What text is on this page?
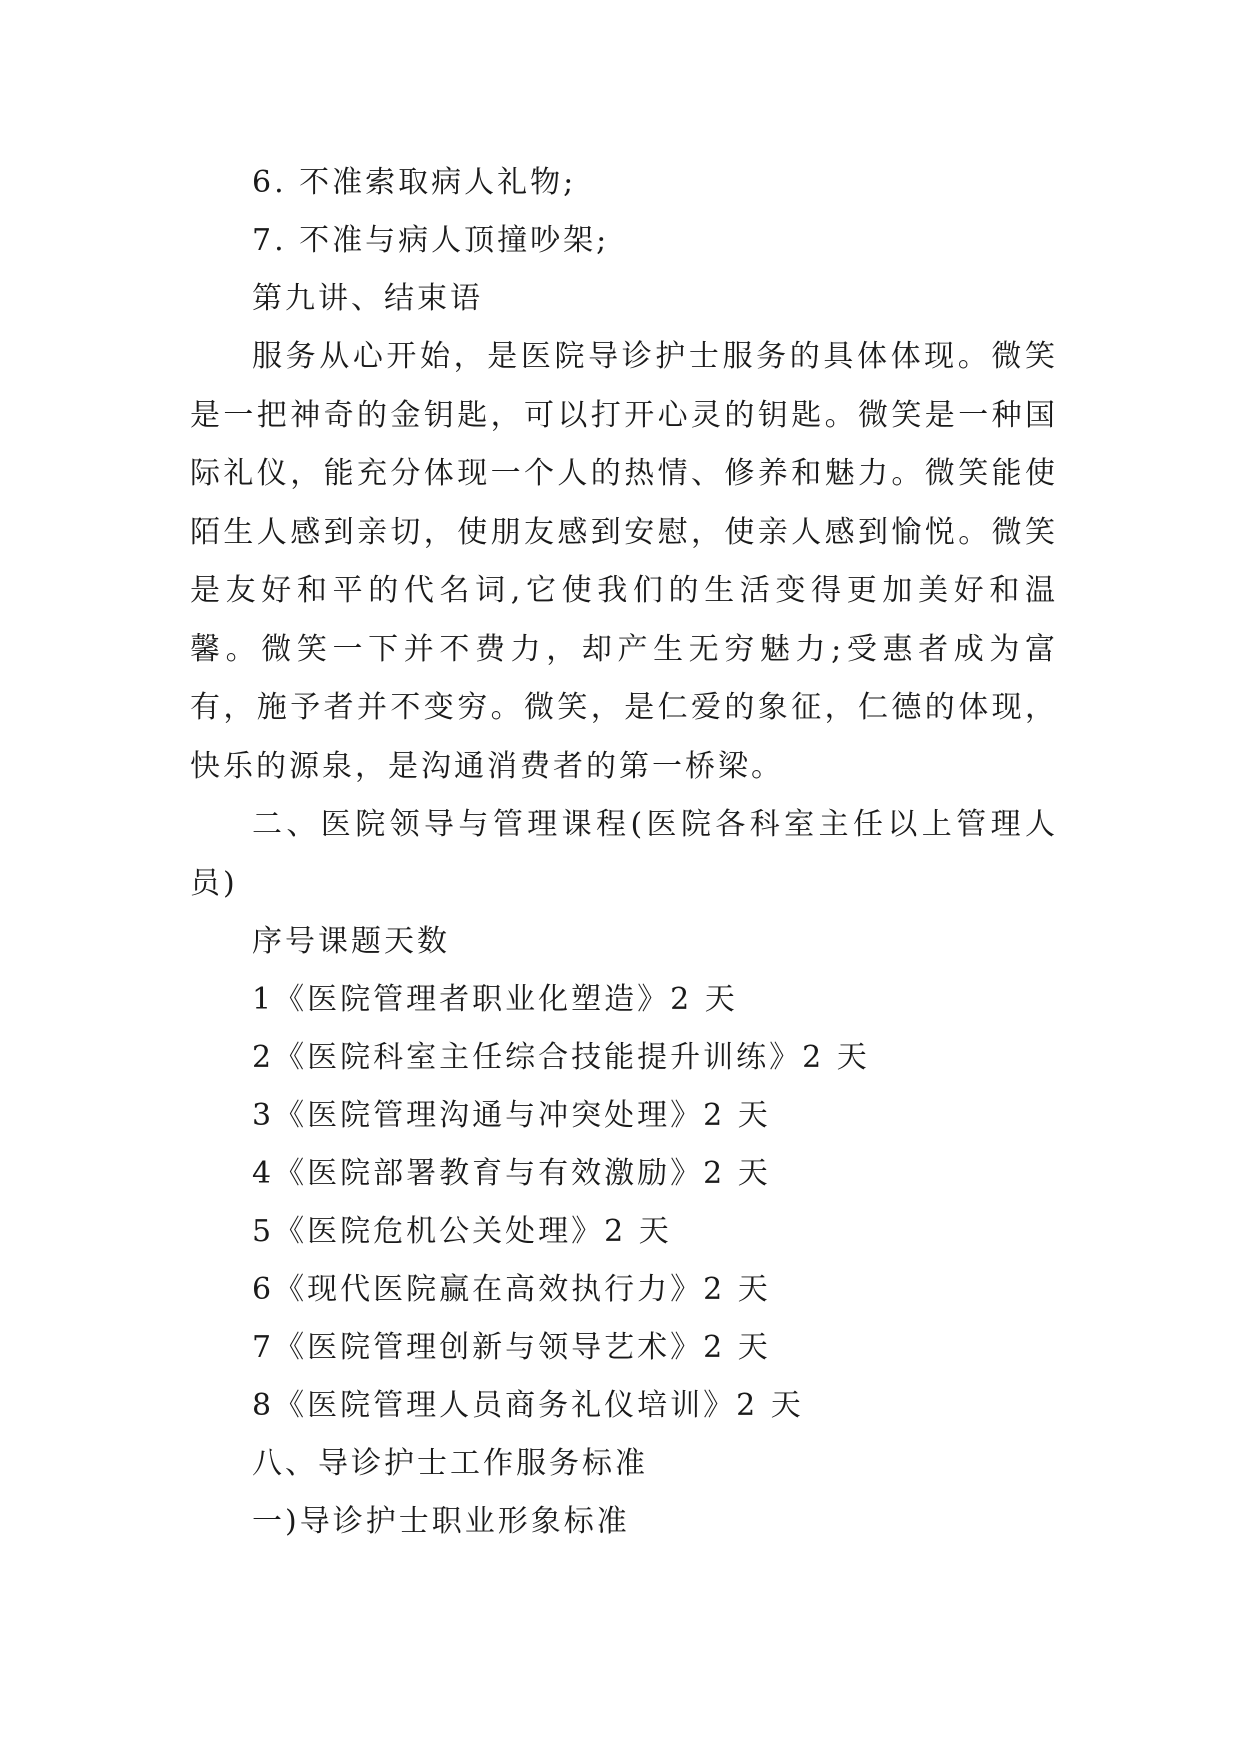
6. 不准索取病人礼物;
7. 不准与病人顶撞吵架;
第九讲、结束语

服务从心开始，是医院导诊护士服务的具体体现。微笑是一把神奇的金钥匙，可以打开心灵的钥匙。微笑是一种国际礼仪，能充分体现一个人的热情、修养和魅力。微笑能使陌生人感到亲切，使朋友感到安慰，使亲人感到愉悦。微笑是友好和平的代名词,它使我们的生活变得更加美好和温馨。微笑一下并不费力，却产生无穷魅力;受惠者成为富有，施予者并不变穷。微笑，是仁爱的象征，仁德的体现，快乐的源泉，是沟通消费者的第一桥梁。

二、医院领导与管理课程(医院各科室主任以上管理人员)

序号课题天数
1《医院管理者职业化塑造》2 天
2《医院科室主任综合技能提升训练》2 天
3《医院管理沟通与冲突处理》2 天
4《医院部署教育与有效激励》2 天
5《医院危机公关处理》2 天
6《现代医院赢在高效执行力》2 天
7《医院管理创新与领导艺术》2 天
8《医院管理人员商务礼仪培训》2 天
八、导诊护士工作服务标准
一)导诊护士职业形象标准
